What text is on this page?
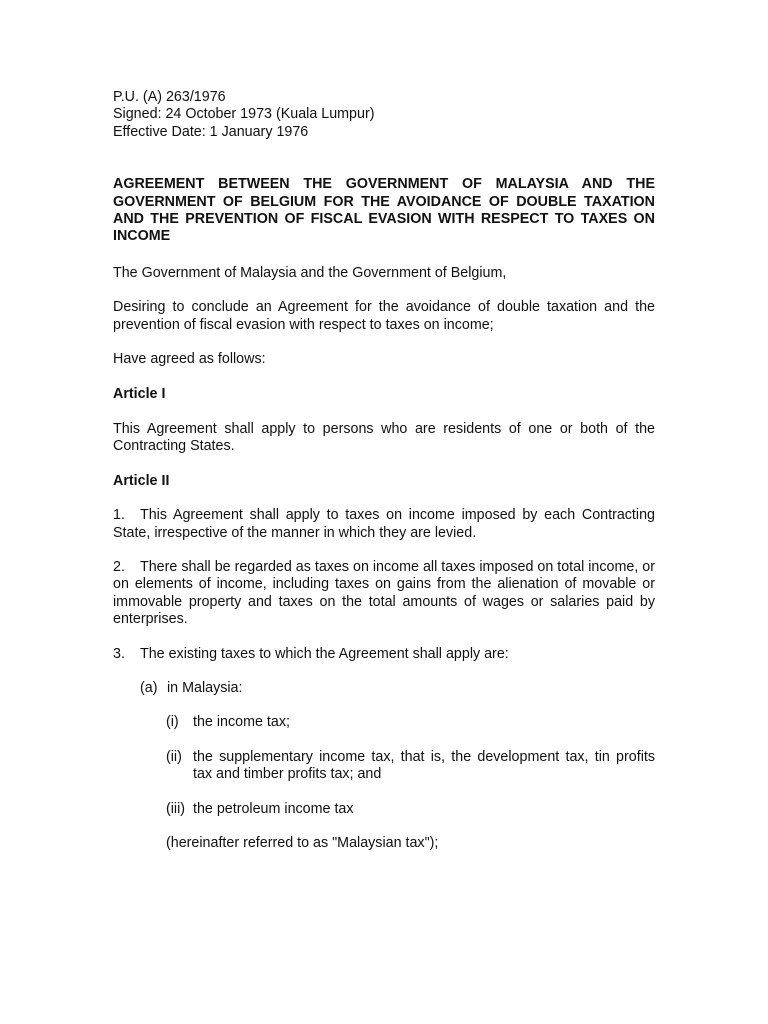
P.U. (A) 263/1976

Signed: 24 October 1973 (Kuala Lumpur)

Effective Date: 1 January 1976

AGREEMENT BETWEEN THE GOVERNMENT OF MALAYSIA AND THE GOVERNMENT OF BELGIUM FOR THE AVOIDANCE OF DOUBLE TAXATION AND THE PREVENTION OF FISCAL EVASION WITH RESPECT TO TAXES ON INCOME

The Government of Malaysia and the Government of Belgium,

Desiring to conclude an Agreement for the avoidance of double taxation and the prevention of fiscal evasion with respect to taxes on income;

Have agreed as follows:

Article I

This Agreement shall apply to persons who are residents of one or both of the Contracting States.

Article II

1.	This Agreement shall apply to taxes on income imposed by each Contracting State, irrespective of the manner in which they are levied.
2.	There shall be regarded as taxes on income all taxes imposed on total income, or on elements of income, including taxes on gains from the alienation of movable or immovable property and taxes on the total amounts of wages or salaries paid by enterprises.
3.	The existing taxes to which the Agreement shall apply are:
(a) in Malaysia:
(i) the income tax;
(ii) the supplementary income tax, that is, the development tax, tin profits tax and timber profits tax; and
(iii) the petroleum income tax

(hereinafter referred to as "Malaysian tax");
